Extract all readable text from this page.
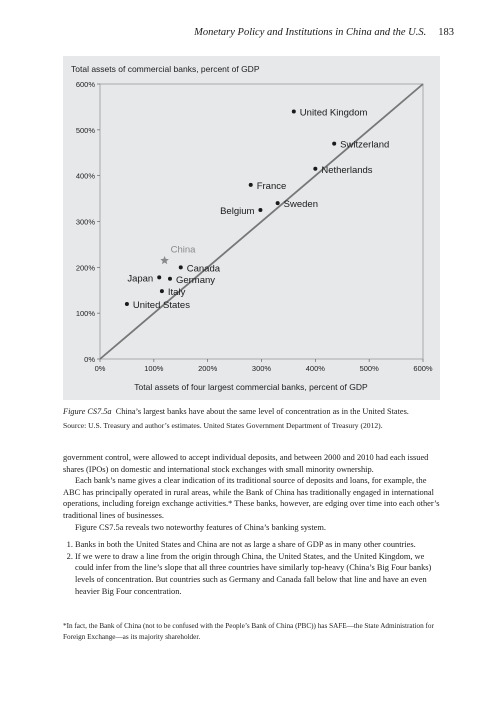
Monetary Policy and Institutions in China and the U.S. 183
Total assets of commercial banks, percent of GDP
Total assets of four largest commercial banks, percent of GDP
0%	100%	200%	300%	400%	500%	600%
0%
100%
200%
300%
400%
500%
600%
United Kingdom
Switzerland
Netherlands
France
Sweden
Belgium
China
Canada
Japan Germany
Italy
United States
Figure CS7.5a China’s largest banks have about the same level of concentration as in the United States.
Source: U.S. Treasury and author’s estimates. United States Government Department of Treasury (2012).

government control, were allowed to accept individual deposits, and between 2000 and 2010 had each issued shares (IPOs) on domestic and international stock exchanges with small minority ownership.

Each bank’s name gives a clear indication of its traditional source of deposits and loans, for example, the ABC has principally operated in rural areas, while the Bank of China has traditionally engaged in international operations, including foreign exchange activities.* These banks, however, are edging over time into each other’s traditional lines of businesses.

Figure CS7.5a reveals two noteworthy features of China’s banking system.

1. Banks in both the United States and China are not as large a share of GDP as in many other countries.
2. If we were to draw a line from the origin through China, the United States, and the United Kingdom, we could infer from the line’s slope that all three countries have similarly top-heavy (China’s Big Four banks) levels of concentration. But countries such as Germany and Canada fall below that line and have an even heavier Big Four concentration.
*In fact, the Bank of China (not to be confused with the People’s Bank of China (PBC)) has SAFE—the State Administration for Foreign Exchange—as its majority shareholder.
